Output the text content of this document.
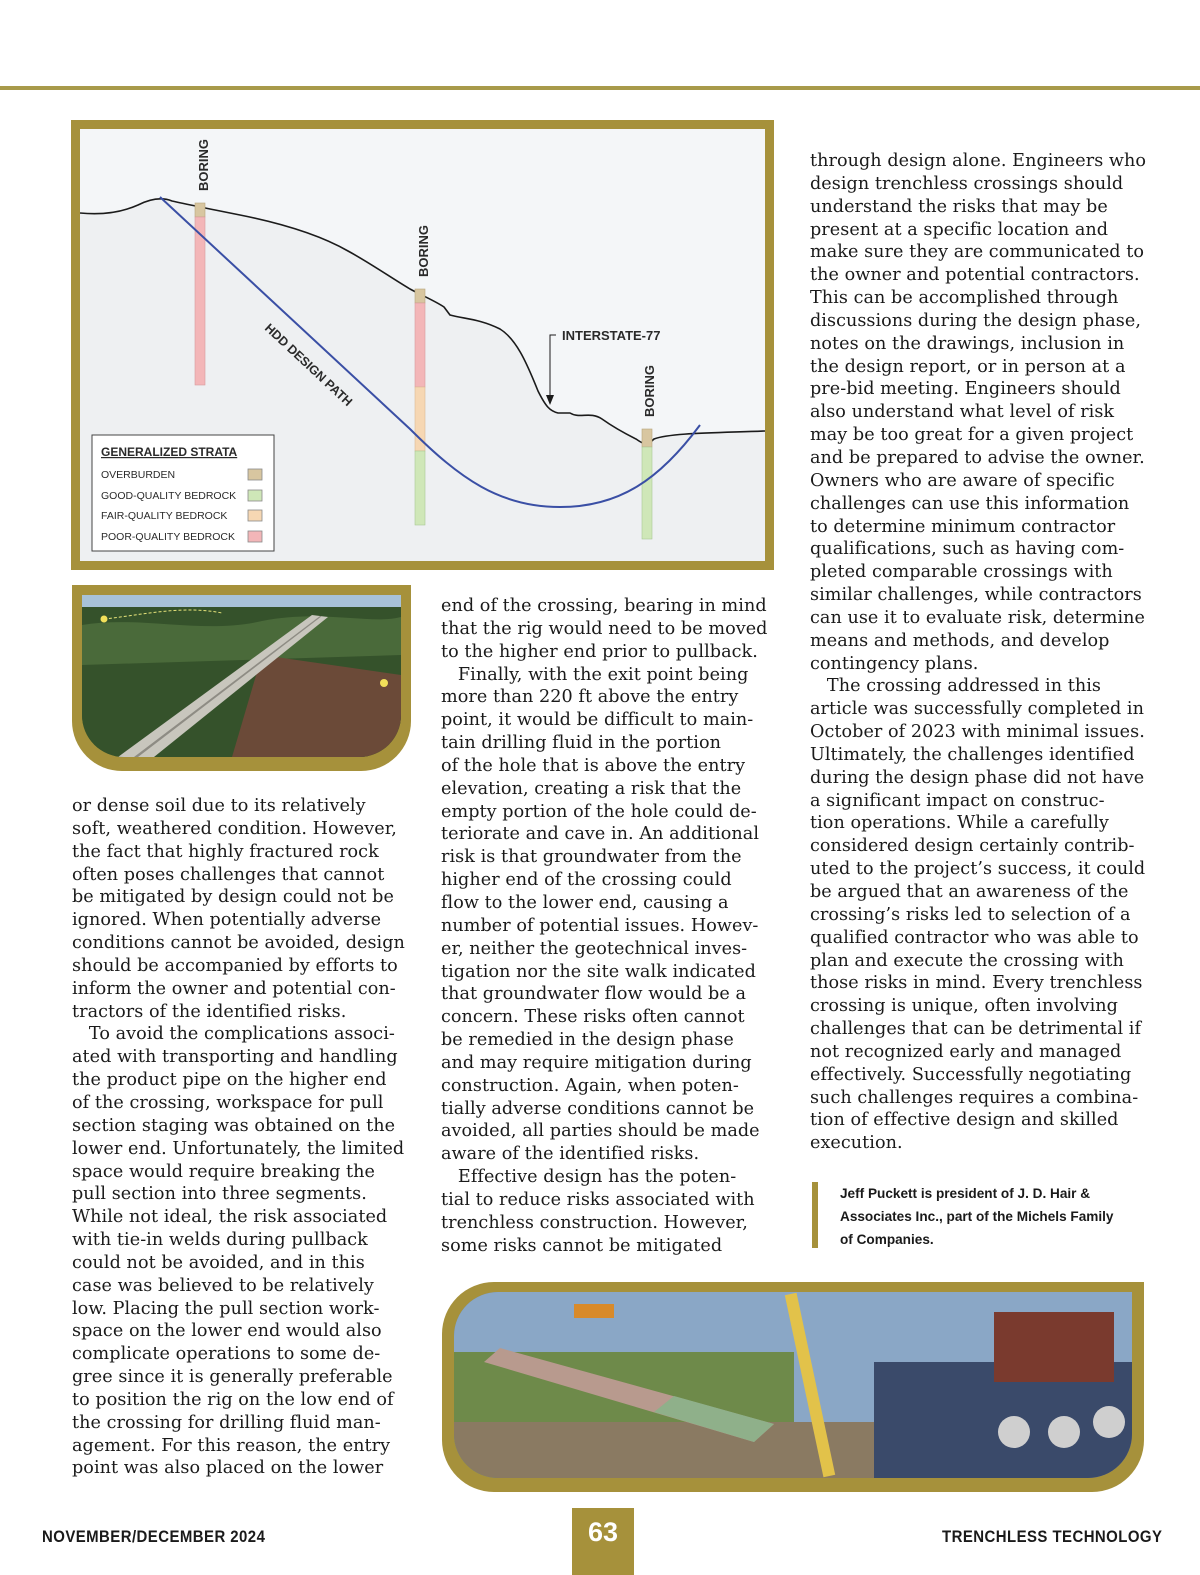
BORING
BORING
BORING
HDD DESIGN PATH	INTERSTATE-77
GENERALIZED STRATA
OVERBURDEN
GOOD-QUALITY BEDROCK
FAIR-QUALITY BEDROCK
POOR-QUALITY BEDROCK
or dense soil due to its relatively
soft, weathered condition. However,
the fact that highly fractured rock
often poses challenges that cannot
be mitigated by design could not be
ignored. When potentially adverse
conditions cannot be avoided, design
should be accompanied by efforts to
inform the owner and potential con-
tractors of the identified risks.
To avoid the complications associ-
ated with transporting and handling
the product pipe on the higher end
of the crossing, workspace for pull
section staging was obtained on the
lower end. Unfortunately, the limited
space would require breaking the
pull section into three segments.
While not ideal, the risk associated
with tie-in welds during pullback
could not be avoided, and in this
case was believed to be relatively
low. Placing the pull section work-
space on the lower end would also
complicate operations to some de-
gree since it is generally preferable
to position the rig on the low end of
the crossing for drilling fluid man-
agement. For this reason, the entry
point was also placed on the lower
end of the crossing, bearing in mind
that the rig would need to be moved
to the higher end prior to pullback.
Finally, with the exit point being
more than 220 ft above the entry
point, it would be difficult to main-
tain drilling fluid in the portion
of the hole that is above the entry
elevation, creating a risk that the
empty portion of the hole could de-
teriorate and cave in. An additional
risk is that groundwater from the
higher end of the crossing could
flow to the lower end, causing a
number of potential issues. Howev-
er, neither the geotechnical inves-
tigation nor the site walk indicated
that groundwater flow would be a
concern. These risks often cannot
be remedied in the design phase
and may require mitigation during
construction. Again, when poten-
tially adverse conditions cannot be
avoided, all parties should be made
aware of the identified risks.
Effective design has the poten-
tial to reduce risks associated with
trenchless construction. However,
some risks cannot be mitigated
through design alone. Engineers who
design trenchless crossings should
understand the risks that may be
present at a specific location and
make sure they are communicated to
the owner and potential contractors.
This can be accomplished through
discussions during the design phase,
notes on the drawings, inclusion in
the design report, or in person at a
pre-bid meeting. Engineers should
also understand what level of risk
may be too great for a given project
and be prepared to advise the owner.
Owners who are aware of specific
challenges can use this information
to determine minimum contractor
qualifications, such as having com-
pleted comparable crossings with
similar challenges, while contractors
can use it to evaluate risk, determine
means and methods, and develop
contingency plans.
The crossing addressed in this
article was successfully completed in
October of 2023 with minimal issues.
Ultimately, the challenges identified
during the design phase did not have
a significant impact on construc-
tion operations. While a carefully
considered design certainly contrib-
uted to the project’s success, it could
be argued that an awareness of the
crossing’s risks led to selection of a
qualified contractor who was able to
plan and execute the crossing with
those risks in mind. Every trenchless
crossing is unique, often involving
challenges that can be detrimental if
not recognized early and managed
effectively. Successfully negotiating
such challenges requires a combina-
tion of effective design and skilled
execution.

Jeff Puckett is president of J. D. Hair &
Associates Inc., part of the Michels Family
of Companies.

NOVEMBER/DECEMBER 2024	63	TRENCHLESS TECHNOLOGY
